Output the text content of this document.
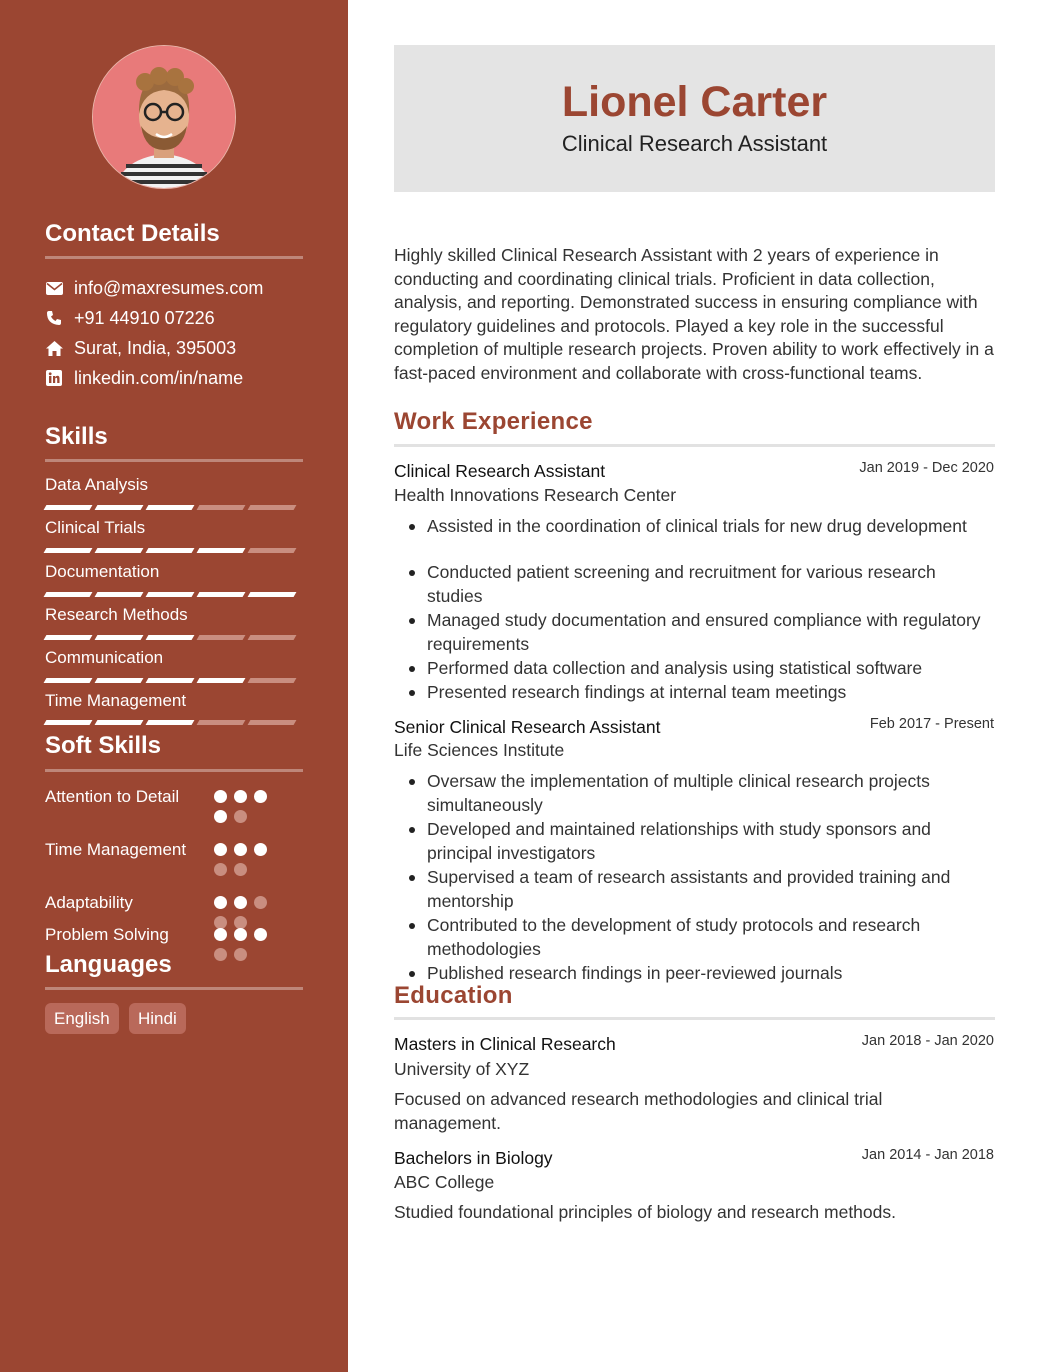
Contact Details
info@maxresumes.com
+91 44910 07226
Surat, India, 395003
linkedin.com/in/name
Skills
Data Analysis
Clinical Trials
Documentation
Research Methods
Communication
Time Management
Soft Skills
Attention to Detail
Time Management
Adaptability
Problem Solving
Languages
English	Hindi
Lionel Carter
Clinical Research Assistant
Highly skilled Clinical Research Assistant with 2 years of experience in conducting and coordinating clinical trials. Proficient in data collection, analysis, and reporting. Demonstrated success in ensuring compliance with regulatory guidelines and protocols. Played a key role in the successful completion of multiple research projects. Proven ability to work effectively in a fast-paced environment and collaborate with cross-functional teams.
Work Experience
Clinical Research Assistant	Jan 2019 - Dec 2020
Health Innovations Research Center
Assisted in the coordination of clinical trials for new drug development
Conducted patient screening and recruitment for various research studies
Managed study documentation and ensured compliance with regulatory requirements
Performed data collection and analysis using statistical software
Presented research findings at internal team meetings
Senior Clinical Research Assistant	Feb 2017 - Present
Life Sciences Institute
Oversaw the implementation of multiple clinical research projects simultaneously
Developed and maintained relationships with study sponsors and principal investigators
Supervised a team of research assistants and provided training and mentorship
Contributed to the development of study protocols and research methodologies
Published research findings in peer-reviewed journals
Education
Masters in Clinical Research	Jan 2018 - Jan 2020
University of XYZ
Focused on advanced research methodologies and clinical trial management.
Bachelors in Biology	Jan 2014 - Jan 2018
ABC College
Studied foundational principles of biology and research methods.
